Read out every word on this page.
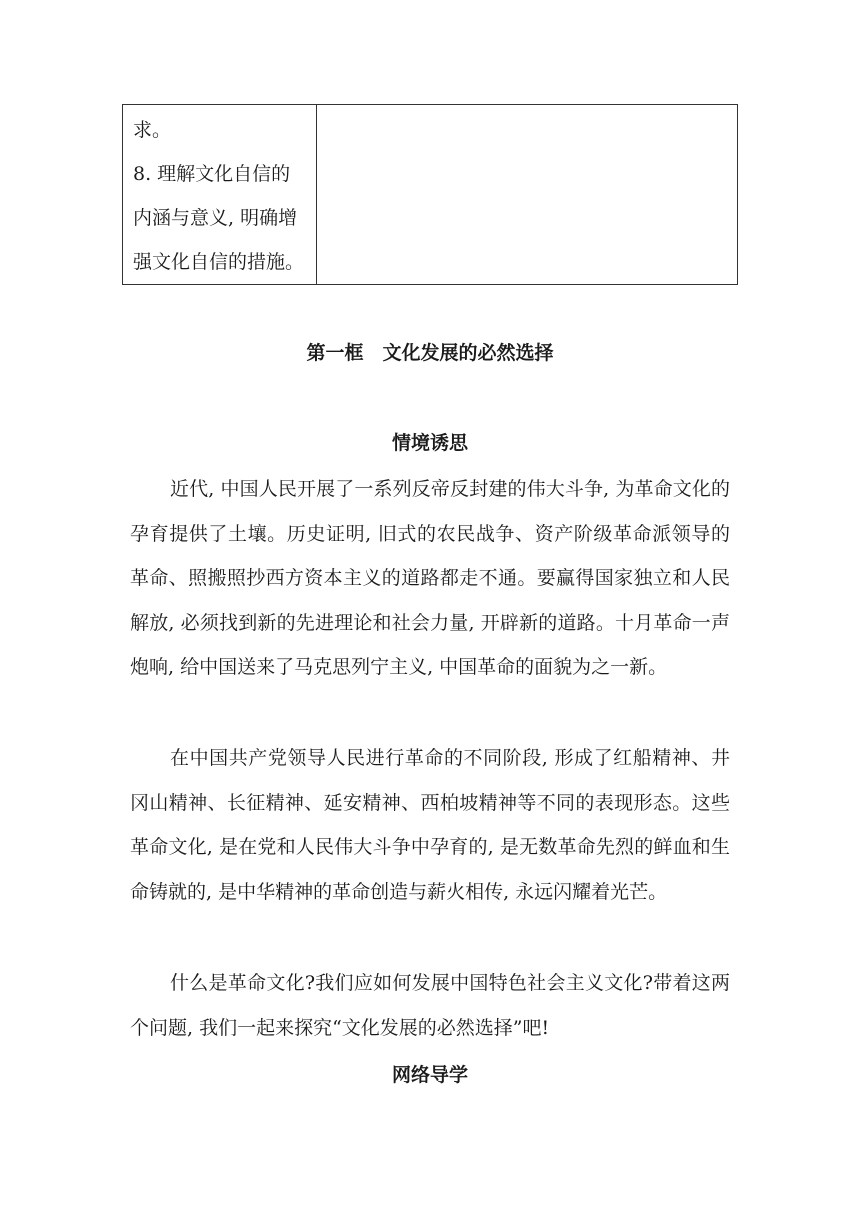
求。

8. 理解文化自信的

内涵与意义, 明确增

强文化自信的措施。

第一框　文化发展的必然选择
情境诱思

近代, 中国人民开展了一系列反帝反封建的伟大斗争, 为革命文化的孕育提供了土壤。历史证明, 旧式的农民战争、资产阶级革命派领导的革命、照搬照抄西方资本主义的道路都走不通。要赢得国家独立和人民解放, 必须找到新的先进理论和社会力量, 开辟新的道路。十月革命一声炮响, 给中国送来了马克思列宁主义, 中国革命的面貌为之一新。

在中国共产党领导人民进行革命的不同阶段, 形成了红船精神、井冈山精神、长征精神、延安精神、西柏坡精神等不同的表现形态。这些革命文化, 是在党和人民伟大斗争中孕育的, 是无数革命先烈的鲜血和生命铸就的, 是中华精神的革命创造与薪火相传, 永远闪耀着光芒。

什么是革命文化?我们应如何发展中国特色社会主义文化?带着这两个问题, 我们一起来探究“文化发展的必然选择”吧!

网络导学
